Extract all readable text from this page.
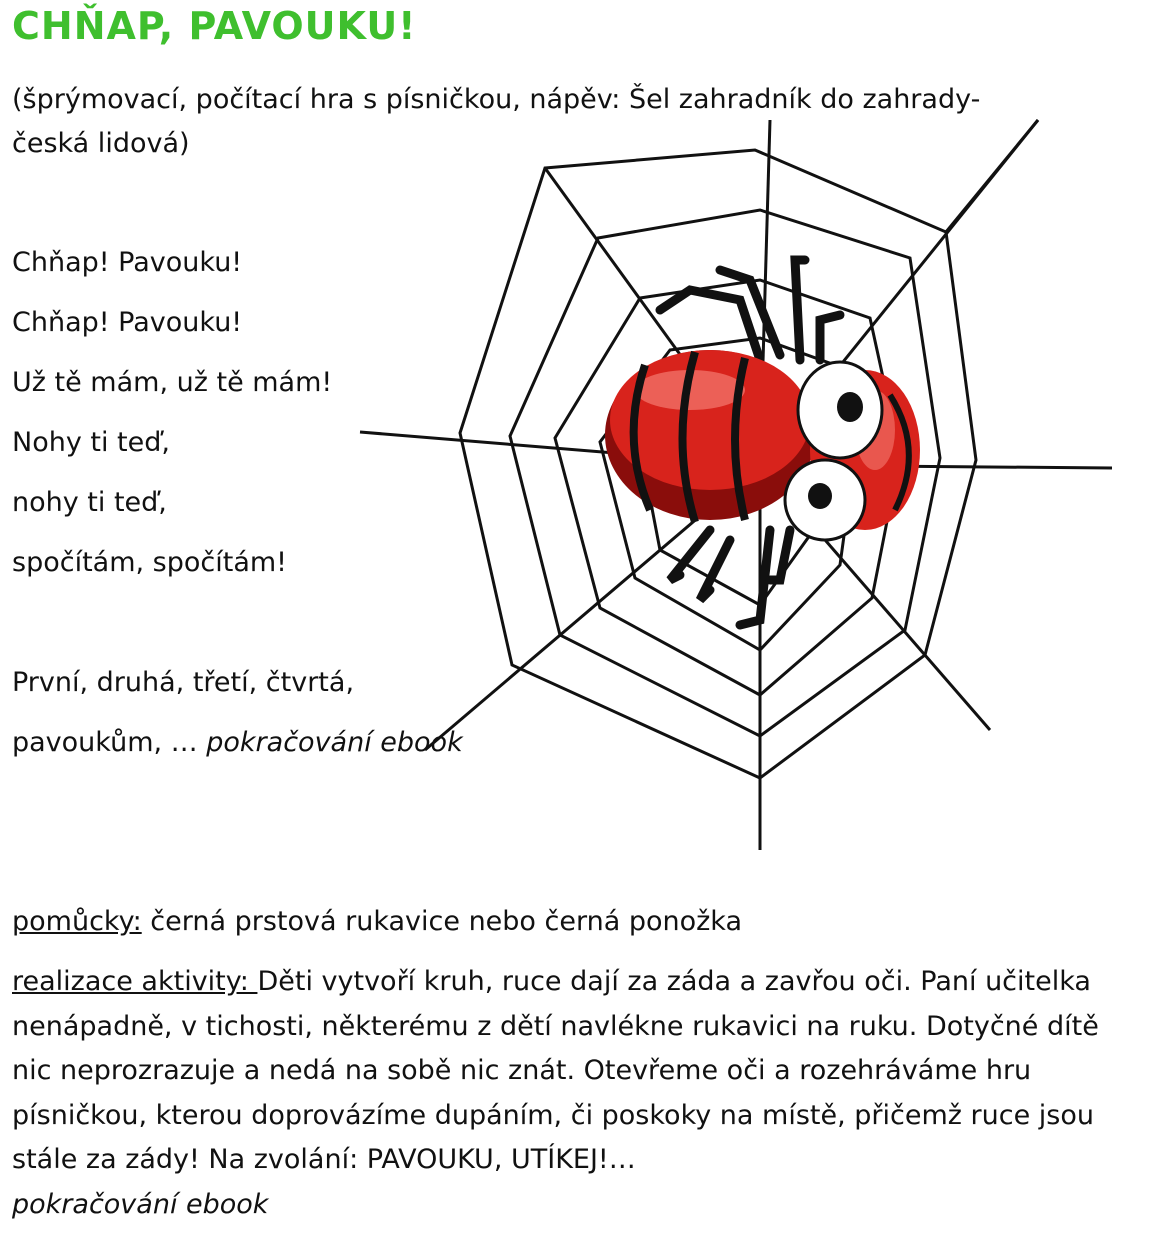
CHŇAP, PAVOUKU!

(šprýmovací, počítací hra s písničkou, nápěv: Šel zahradník do zahrady- česká lidová)

Chňap! Pavouku!
Chňap! Pavouku!
Už tě mám, už tě mám!
Nohy ti teď,
nohy ti teď,
spočítám, spočítám!
První, druhá, třetí, čtvrtá,
pavoukům, … pokračování ebook
pomůcky: černá prstová rukavice nebo černá ponožka
realizace aktivity: Děti vytvoří kruh, ruce dají za záda a zavřou oči. Paní učitelka nenápadně, v tichosti, některému z dětí navlékne rukavici na ruku. Dotyčné dítě nic neprozrazuje a nedá na sobě nic znát. Otevřeme oči a rozehráváme hru písničkou, kterou doprovázíme dupáním, či poskoky na místě, přičemž ruce jsou stále za zády! Na zvolání: PAVOUKU, UTÍKEJ!…
pokračování ebook
